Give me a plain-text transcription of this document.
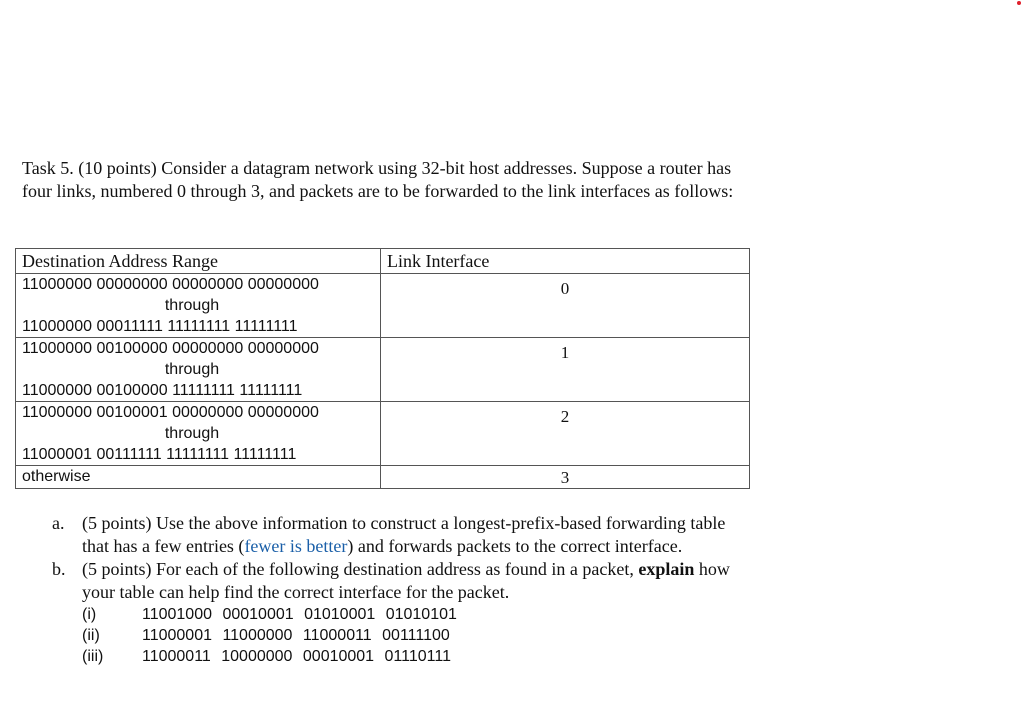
Task 5. (10 points) Consider a datagram network using 32-bit host addresses. Suppose a router has four links, numbered 0 through 3, and packets are to be forwarded to the link interfaces as follows:

Destination Address Range	Link Interface

11000000 00000000 00000000 00000000
through
11000000 00011111 11111111 11111111	0

11000000 00100000 00000000 00000000
through
11000000 00100000 11111111 11111111	1

11000000 00100001 00000000 00000000
through
11000001 00111111 11111111 11111111	2

otherwise	3
a. (5 points) Use the above information to construct a longest-prefix-based forwarding table that has a few entries (fewer is better) and forwards packets to the correct interface.
b. (5 points) For each of the following destination address as found in a packet, explain how your table can help find the correct interface for the packet.
(i)	11001000 00010001 01010001 01010101
(ii)	11000001 11000000 11000011 00111100
(iii)	11000011 10000000 00010001 01110111
